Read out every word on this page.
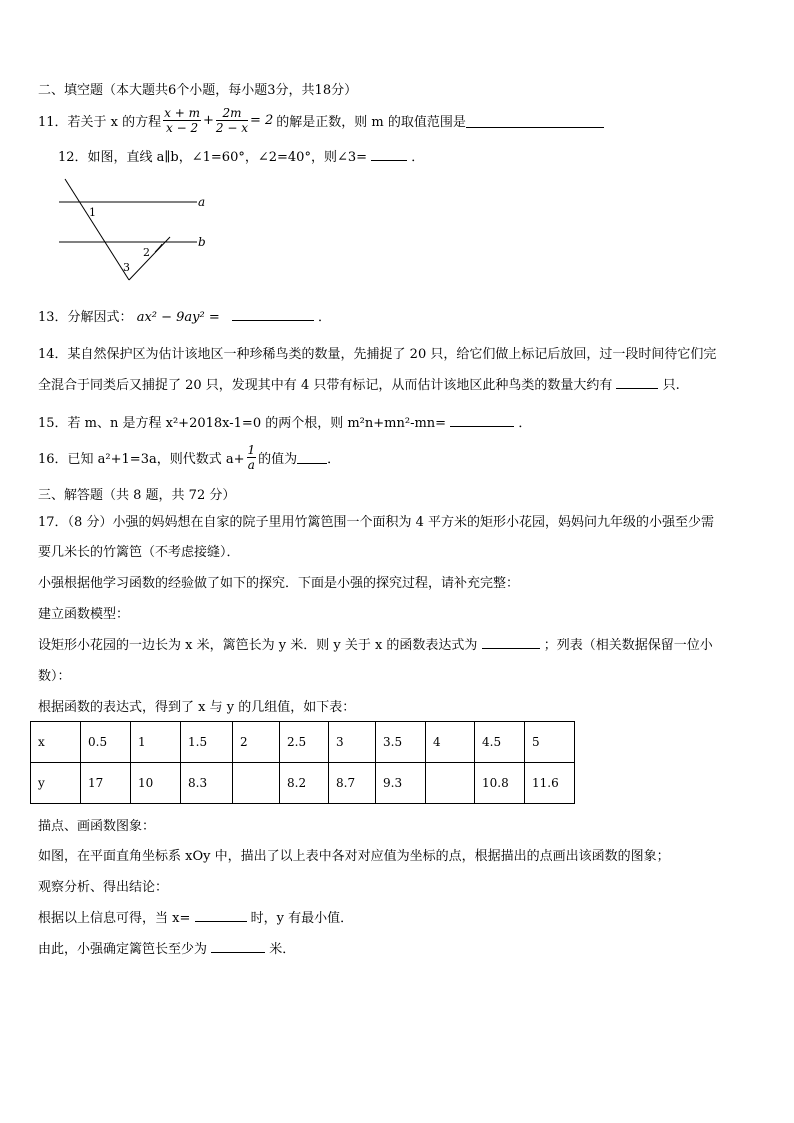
二、填空题（本大题共6个小题，每小题3分，共18分）
11． 若关于 x 的方程 $\frac{x + m}{x - 2} + \frac{2m}{2 - x} = 2$ 的解是正数，则 m 的取值范围是
12．如图，直线 a∥b，∠1=60°，∠2=40°，则∠3=	．
a
b
1
2
3
13．分解因式： ax² − 9ay² =	．
14．某自然保护区为估计该地区一种珍稀鸟类的数量，先捕捉了 20 只，给它们做上标记后放回，过一段时间待它们完
全混合于同类后又捕捉了 20 只，发现其中有 4 只带有标记，从而估计该地区此种鸟类的数量大约有	只.
15．若 m、n 是方程 x²+2018x-1=0 的两个根，则 m²n+mn²-mn=	．
16．已知 a²+1=3a，则代数式 $a+ \frac{1}{a}$ 的值为 ．
三、解答题（共 8 题，共 72 分）
17．（8 分）小强的妈妈想在自家的院子里用竹篱笆围一个面积为 4 平方米的矩形小花园，妈妈问九年级的小强至少需
要几米长的竹篱笆（不考虑接缝）．
小强根据他学习函数的经验做了如下的探究．下面是小强的探究过程，请补充完整：
建立函数模型：
设矩形小花园的一边长为 x 米，篱笆长为 y 米．则 y 关于 x 的函数表达式为	；列表（相关数据保留一位小
数）：
根据函数的表达式，得到了 x 与 y 的几组值，如下表：
x	0.5	1	1.5	2	2.5	3	3.5	4	4.5	5
y	17	10	8.3		8.2	8.7	9.3		10.8	11.6
描点、画函数图象：
如图，在平面直角坐标系 xOy 中，描出了以上表中各对对应值为坐标的点，根据描出的点画出该函数的图象；
观察分析、得出结论：
根据以上信息可得，当 x=	时，y 有最小值．
由此，小强确定篱笆长至少为	米．
